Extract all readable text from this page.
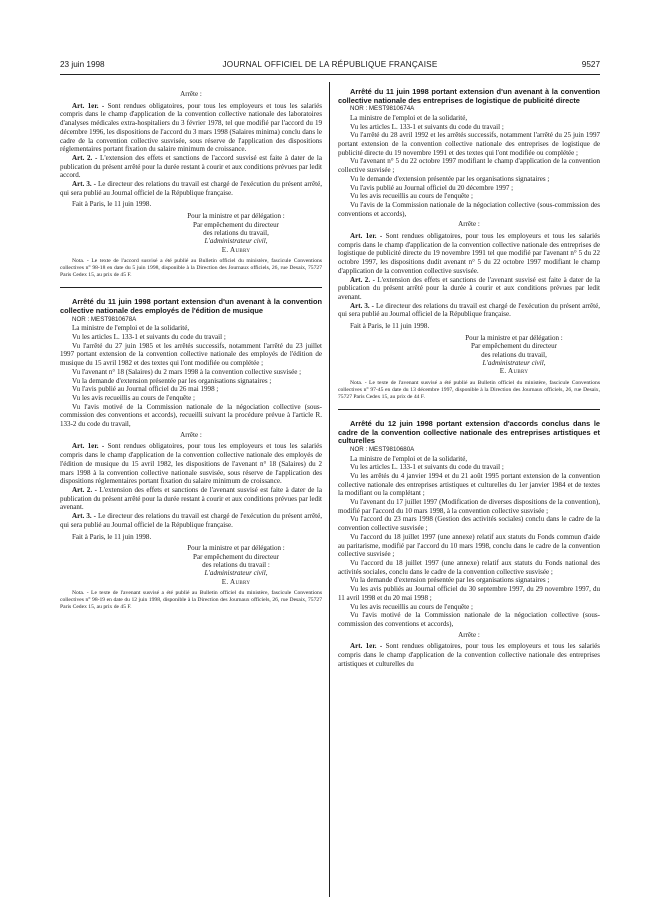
23 juin 1998	JOURNAL OFFICIEL DE LA RÉPUBLIQUE FRANÇAISE	9527

Arrête :

Art. 1er. - Sont rendues obligatoires, pour tous les employeurs et tous les salariés compris dans le champ d'application de la convention collective nationale des laboratoires d'analyses médicales extra-hospitaliers du 3 février 1978, tel que modifié par l'accord du 19 décembre 1996, les dispositions de l'accord du 3 mars 1998 (Salaires minima) conclu dans le cadre de la convention collective susvisée, sous réserve de l'application des dispositions réglementaires portant fixation du salaire minimum de croissance.

Art. 2. - L'extension des effets et sanctions de l'accord susvisé est faite à dater de la publication du présent arrêté pour la durée restant à courir et aux conditions prévues par ledit accord.

Art. 3. - Le directeur des relations du travail est chargé de l'exécution du présent arrêté, qui sera publié au Journal officiel de la République française.

Fait à Paris, le 11 juin 1998.

Pour la ministre et par délégation :
Par empêchement du directeur
des relations du travail,
L'administrateur civil,
E. Aubry

Nota. - Le texte de l'accord susvisé a été publié au Bulletin officiel du ministère, fascicule Conventions collectives n° 98-18 en date du 5 juin 1998, disponible à la Direction des Journaux officiels, 26, rue Desaix, 75727 Paris Cedex 15, au prix de 45 F.

Arrêté du 11 juin 1998 portant extension d'un avenant à la convention collective nationale des employés de l'édition de musique

NOR : MESТ9810678A

La ministre de l'emploi et de la solidarité,

Vu les articles L. 133-1 et suivants du code du travail ;

Vu l'arrêté du 27 juin 1985 et les arrêtés successifs, notamment l'arrêté du 23 juillet 1997 portant extension de la convention collective nationale des employés de l'édition de musique du 15 avril 1982 et des textes qui l'ont modifiée ou complétée ;

Vu l'avenant n° 18 (Salaires) du 2 mars 1998 à la convention collective susvisée ;

Vu la demande d'extension présentée par les organisations signataires ;

Vu l'avis publié au Journal officiel du 26 mai 1998 ;

Vu les avis recueillis au cours de l'enquête ;

Vu l'avis motivé de la Commission nationale de la négociation collective (sous-commission des conventions et accords), recueilli suivant la procédure prévue à l'article R. 133-2 du code du travail,

Arrête :

Art. 1er. - Sont rendues obligatoires, pour tous les employeurs et tous les salariés compris dans le champ d'application de la convention collective nationale des employés de l'édition de musique du 15 avril 1982, les dispositions de l'avenant n° 18 (Salaires) du 2 mars 1998 à la convention collective nationale susvisée, sous réserve de l'application des dispositions réglementaires portant fixation du salaire minimum de croissance.

Art. 2. - L'extension des effets et sanctions de l'avenant susvisé est faite à dater de la publication du présent arrêté pour la durée restant à courir et aux conditions prévues par ledit avenant.

Art. 3. - Le directeur des relations du travail est chargé de l'exécution du présent arrêté, qui sera publié au Journal officiel de la République française.

Fait à Paris, le 11 juin 1998.

Pour la ministre et par délégation :
Par empêchement du directeur
des relations du travail :
L'administrateur civil,
E. Aubry

Nota. - Le texte de l'avenant susvisé a été publié au Bulletin officiel du ministère, fascicule Conventions collectives n° 98-19 en date du 12 juin 1998, disponible à la Direction des Journaux officiels, 26, rue Desaix, 75727 Paris Cedex 15, au prix de 45 F.

Arrêté du 11 juin 1998 portant extension d'un avenant à la convention collective nationale des entreprises de logistique de publicité directe

NOR : MEST9810674A

La ministre de l'emploi et de la solidarité,

Vu les articles L. 133-1 et suivants du code du travail ;

Vu l'arrêté du 28 avril 1992 et les arrêtés successifs, notamment l'arrêté du 25 juin 1997 portant extension de la convention collective nationale des entreprises de logistique de publicité directe du 19 novembre 1991 et des textes qui l'ont modifiée ou complétée ;

Vu l'avenant n° 5 du 22 octobre 1997 modifiant le champ d'application de la convention collective susvisée ;

Vu le demande d'extension présentée par les organisations signataires ;

Vu l'avis publié au Journal officiel du 20 décembre 1997 ;

Vu les avis recueillis au cours de l'enquête ;

Vu l'avis de la Commission nationale de la négociation collective (sous-commission des conventions et accords),

Arrête :

Art. 1er. - Sont rendues obligatoires, pour tous les employeurs et tous les salariés compris dans le champ d'application de la convention collective nationale des entreprises de logistique de publicité directe du 19 novembre 1991 tel que modifié par l'avenant n° 5 du 22 octobre 1997, les dispositions dudit avenant n° 5 du 22 octobre 1997 modifiant le champ d'application de la convention collective susvisée.

Art. 2. - L'extension des effets et sanctions de l'avenant susvisé est faite à dater de la publication du présent arrêté pour la durée à courir et aux conditions prévues par ledit avenant.

Art. 3. - Le directeur des relations du travail est chargé de l'exécution du présent arrêté, qui sera publié au Journal officiel de la République française.

Fait à Paris, le 11 juin 1998.

Pour la ministre et par délégation :
Par empêchement du directeur
des relations du travail,
L'administrateur civil,
E. Aubry

Nota. - Le texte de l'avenant susvisé a été publié au Bulletin officiel du ministère, fascicule Conventions collectives n° 97-45 en date du 13 décembre 1997, disponible à la Direction des Journaux officiels, 26, rue Desaix, 75727 Paris Cedex 15, au prix de 44 F.

Arrêté du 12 juin 1998 portant extension d'accords conclus dans le cadre de la convention collective nationale des entreprises artistiques et culturelles

NOR : MEST9810680A

La ministre de l'emploi et de la solidarité,

Vu les articles L. 133-1 et suivants du code du travail ;

Vu les arrêtés du 4 janvier 1994 et du 21 août 1995 portant extension de la convention collective nationale des entreprises artistiques et culturelles du 1er janvier 1984 et de textes la modifiant ou la complétant ;

Vu l'avenant du 17 juillet 1997 (Modification de diverses dispositions de la convention), modifié par l'accord du 10 mars 1998, à la convention collective susvisée ;

Vu l'accord du 23 mars 1998 (Gestion des activités sociales) conclu dans le cadre de la convention collective susvisée ;

Vu l'accord du 18 juillet 1997 (une annexe) relatif aux statuts du Fonds commun d'aide au paritarisme, modifié par l'accord du 10 mars 1998, conclu dans le cadre de la convention collective susvisée ;

Vu l'accord du 18 juillet 1997 (une annexe) relatif aux statuts du Fonds national des activités sociales, conclu dans le cadre de la convention collective susvisée ;

Vu la demande d'extension présentée par les organisations signataires ;

Vu les avis publiés au Journal officiel du 30 septembre 1997, du 29 novembre 1997, du 11 avril 1998 et du 20 mai 1998 ;

Vu les avis recueillis au cours de l'enquête ;

Vu l'avis motivé de la Commission nationale de la négociation collective (sous-commission des conventions et accords),

Arrête :

Art. 1er. - Sont rendues obligatoires, pour tous les employeurs et tous les salariés compris dans le champ d'application de la convention collective nationale des entreprises artistiques et culturelles du
